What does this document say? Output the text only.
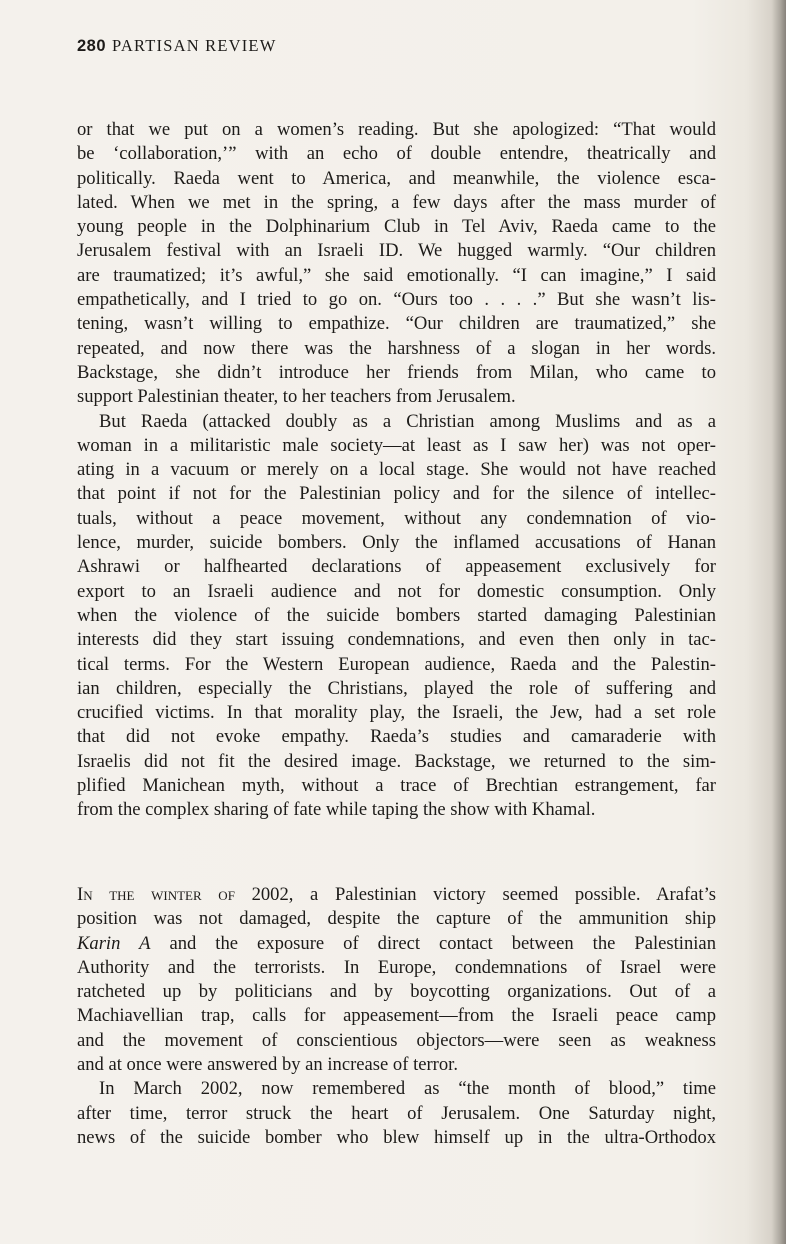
280 PARTISAN REVIEW
or that we put on a women’s reading. But she apologized: “That would
be ‘collaboration,’” with an echo of double entendre, theatrically and
politically. Raeda went to America, and meanwhile, the violence esca-
lated. When we met in the spring, a few days after the mass murder of
young people in the Dolphinarium Club in Tel Aviv, Raeda came to the
Jerusalem festival with an Israeli ID. We hugged warmly. “Our children
are traumatized; it’s awful,” she said emotionally. “I can imagine,” I said
empathetically, and I tried to go on. “Ours too . . . .” But she wasn’t lis-
tening, wasn’t willing to empathize. “Our children are traumatized,” she
repeated, and now there was the harshness of a slogan in her words.
Backstage, she didn’t introduce her friends from Milan, who came to
support Palestinian theater, to her teachers from Jerusalem.
But Raeda (attacked doubly as a Christian among Muslims and as a
woman in a militaristic male society—at least as I saw her) was not oper-
ating in a vacuum or merely on a local stage. She would not have reached
that point if not for the Palestinian policy and for the silence of intellec-
tuals, without a peace movement, without any condemnation of vio-
lence, murder, suicide bombers. Only the inflamed accusations of Hanan
Ashrawi or halfhearted declarations of appeasement exclusively for
export to an Israeli audience and not for domestic consumption. Only
when the violence of the suicide bombers started damaging Palestinian
interests did they start issuing condemnations, and even then only in tac-
tical terms. For the Western European audience, Raeda and the Palestin-
ian children, especially the Christians, played the role of suffering and
crucified victims. In that morality play, the Israeli, the Jew, had a set role
that did not evoke empathy. Raeda’s studies and camaraderie with
Israelis did not fit the desired image. Backstage, we returned to the sim-
plified Manichean myth, without a trace of Brechtian estrangement, far
from the complex sharing of fate while taping the show with Khamal.
In the winter of 2002, a Palestinian victory seemed possible. Arafat’s
position was not damaged, despite the capture of the ammunition ship
Karin A and the exposure of direct contact between the Palestinian
Authority and the terrorists. In Europe, condemnations of Israel were
ratcheted up by politicians and by boycotting organizations. Out of a
Machiavellian trap, calls for appeasement—from the Israeli peace camp
and the movement of conscientious objectors—were seen as weakness
and at once were answered by an increase of terror.
In March 2002, now remembered as “the month of blood,” time
after time, terror struck the heart of Jerusalem. One Saturday night,
news of the suicide bomber who blew himself up in the ultra-Orthodox
